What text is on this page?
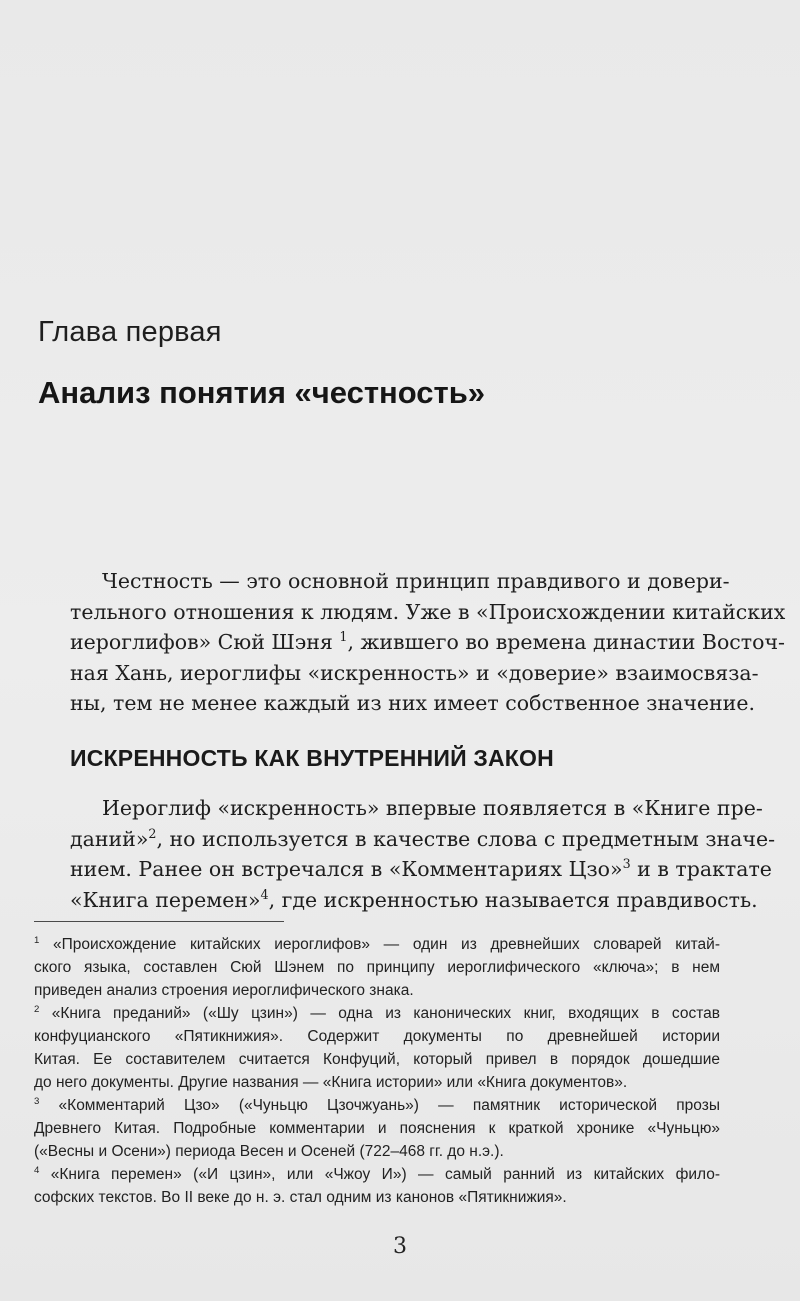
Глава первая
Анализ понятия «честность»
Честность — это основной принцип правдивого и довери-
тельного отношения к людям. Уже в «Происхождении китайских
иероглифов» Сюй Шэня $^1$, жившего во времена династии Восточ-
ная Хань, иероглифы «искренность» и «доверие» взаимосвяза-
ны, тем не менее каждый из них имеет собственное значение.
ИСКРЕННОСТЬ КАК ВНУТРЕННИЙ ЗАКОН
Иероглиф «искренность» впервые появляется в «Книге пре-
даний»$^2$, но используется в качестве слова с предметным значе-
нием. Ранее он встречался в «Комментариях Цзо»$^3$ и в трактате
«Книга перемен»$^4$, где искренностью называется правдивость.
$^1$ «Происхождение китайских иероглифов» — один из древнейших словарей китай-
ского языка, составлен Сюй Шэнем по принципу иероглифического «ключа»; в нем
приведен анализ строения иероглифического знака.
$^2$ «Книга преданий» («Шу цзин») — одна из канонических книг, входящих в состав
конфуцианского «Пятикнижия». Содержит документы по древнейшей истории
Китая. Ее составителем считается Конфуций, который привел в порядок дошедшие
до него документы. Другие названия — «Книга истории» или «Книга документов».
$^3$ «Комментарий Цзо» («Чуньцю Цзочжуань») — памятник исторической прозы
Древнего Китая. Подробные комментарии и пояснения к краткой хронике «Чуньцю»
(«Весны и Осени») периода Весен и Осеней (722–468 гг. до н.э.).
$^4$ «Книга перемен» («И цзин», или «Чжоу И») — самый ранний из китайских фило-
софских текстов. Во II веке до н. э. стал одним из канонов «Пятикнижия».
3
